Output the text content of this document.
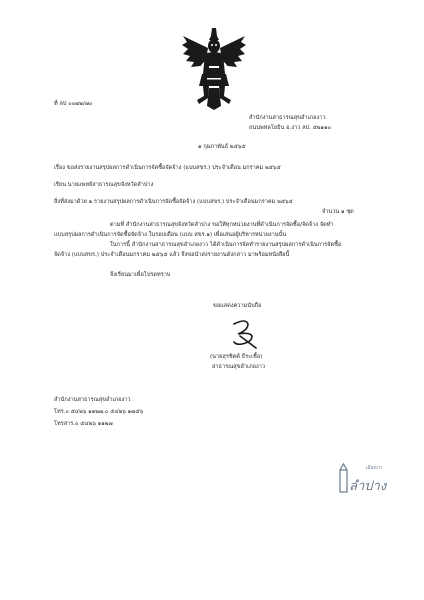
ที่ ลป ๐๐๗๒/๗๐
สำนักงานสาธารณสุขอำเภองาว
ถนนพหลโยธิน อ.งาว ลป. ๕๒๑๑๐
๑ กุมภาพันธ์ ๒๕๖๕
เรื่อง ขอส่งรายงานสรุปผลการดำเนินการจัดซื้อจัดจ้าง (แบบสขร.) ประจำเดือน มกราคม ๒๕๖๕
เรียน นายแพทย์สาธารณสุขจังหวัดลำปาง
สิ่งที่ส่งมาด้วย ๑.รายงานสรุปผลการดำเนินการจัดซื้อจัดจ้าง (แบบสขร.) ประจำเดือนมกราคม ๒๕๖๕
จำนวน ๑ ชุด
ตามที่ สำนักงานสาธารณสุขจังหวัดลำปาง ขอให้ทุกหน่วยงานที่ดำเนินการจัดซื้อ/จัดจ้าง จัดทำ
แบบสรุปผลการดำเนินการจัดซื้อจัดจ้าง ในรอบเดือน (แบบ สขร.๑) เพื่อเสนอผู้บริหารหน่วยงานนั้น
ในการนี้ สำนักงานสาธารณสุขอำเภองาว ได้ดำเนินการจัดทำรายงานสรุปผลการดำเนินการจัดซื้อ
จัดจ้าง (แบบสขร.) ประจำเดือนมกราคม ๒๕๖๕ แล้ว จึงขอนำส่งรายงานดังกล่าว มาพร้อมหนังสือนี้
จึงเรียนมาเพื่อโปรดทราบ
ขอแสดงความนับถือ
(นายสุรชิตต์ ธีระเชื้อ)
สาธารณสุขอำเภองาว
สำนักงานสาธารณสุขอำเภองาว
โทร.๐ ๕๔๒๖ ๑๑๒๗,๐ ๕๔๒๖ ๑๗๕๖
โทรสาร.๐ ๕๔๒๖ ๑๑๒๗
ลำปาง
เมืองเก่า
